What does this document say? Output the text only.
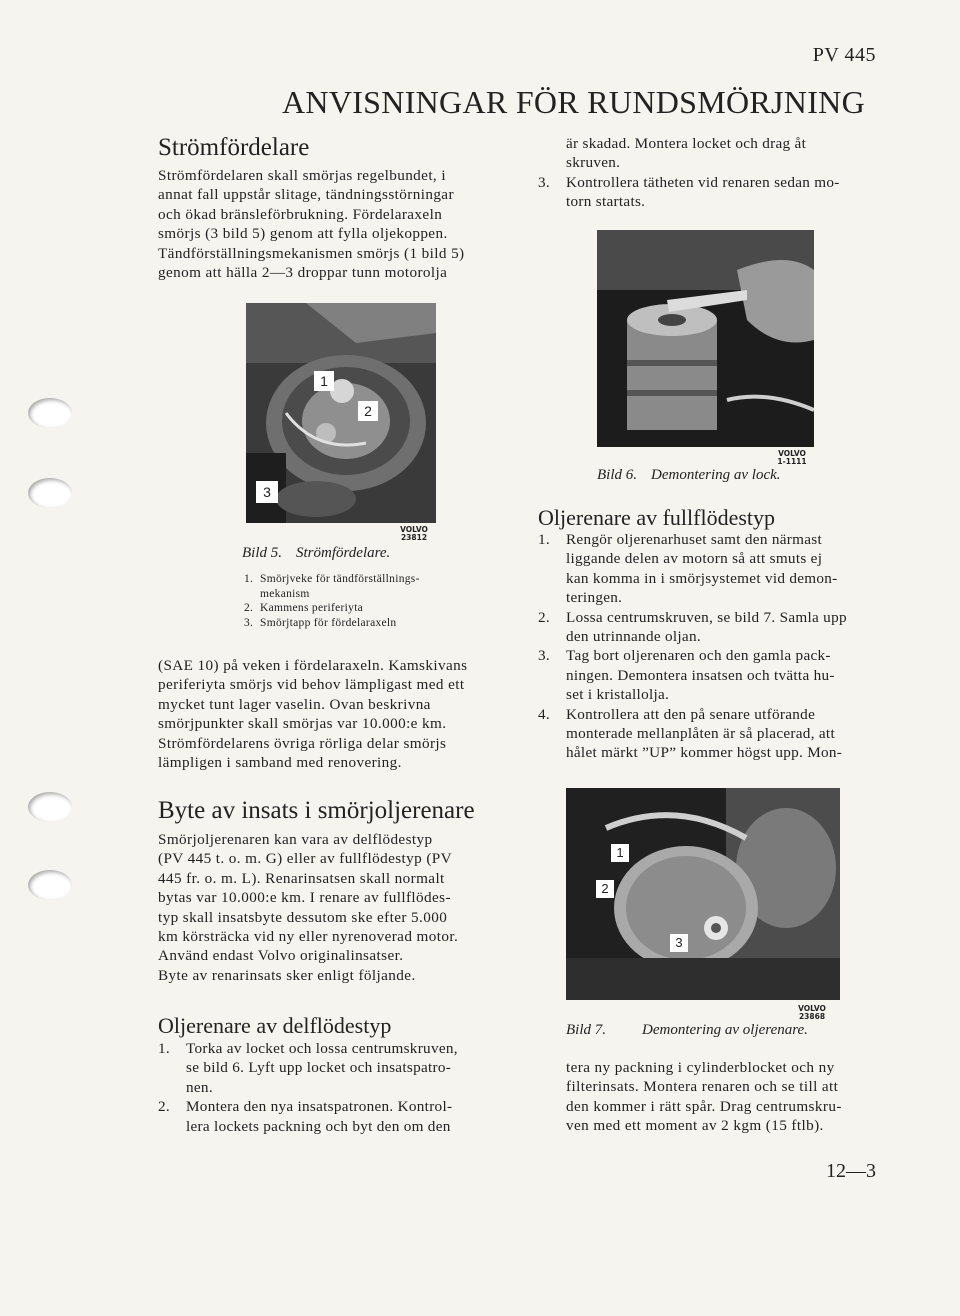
PV 445
ANVISNINGAR FÖR RUNDSMÖRJNING
Strömfördelare

Strömfördelaren skall smörjas regelbundet, i

annat fall uppstår slitage, tändningsstörningar

och ökad bränsleförbrukning. Fördelaraxeln

smörjs (3 bild 5) genom att fylla oljekoppen.

Tändförställningsmekanismen smörjs (1 bild 5)

genom att hälla 2—3 droppar tunn motorolja

1
2
3
VOLVO
23812
Bild 5. Strömfördelare.
1. Smörjveke för tändförställnings-
mekanism
2. Kammens periferiyta
3. Smörjtapp för fördelaraxeln

(SAE 10) på veken i fördelaraxeln. Kamskivans

periferiyta smörjs vid behov lämpligast med ett

mycket tunt lager vaselin. Ovan beskrivna

smörjpunkter skall smörjas var 10.000:e km.

Strömfördelarens övriga rörliga delar smörjs

lämpligen i samband med renovering.

Byte av insats i smörjoljerenare

Smörjoljerenaren kan vara av delflödestyp

(PV 445 t. o. m. G) eller av fullflödestyp (PV

445 fr. o. m. L). Renarinsatsen skall normalt

bytas var 10.000:e km. I renare av fullflödes-

typ skall insatsbyte dessutom ske efter 5.000

km körsträcka vid ny eller nyrenoverad motor.

Använd endast Volvo originalinsatser.

Byte av renarinsats sker enligt följande.

Oljerenare av delflödestyp
1. Torka av locket och lossa centrumskruven,
se bild 6. Lyft upp locket och insatspatro-
nen.
2. Montera den nya insatspatronen. Kontrol-
lera lockets packning och byt den om den
är skadad. Montera locket och drag åt
skruven.
3. Kontrollera tätheten vid renaren sedan mo-
torn startats.
VOLVO
1-1111
Bild 6. Demontering av lock.
Oljerenare av fullflödestyp
1. Rengör oljerenarhuset samt den närmast
liggande delen av motorn så att smuts ej
kan komma in i smörjsystemet vid demon-
teringen.
2. Lossa centrumskruven, se bild 7. Samla upp
den utrinnande oljan.
3. Tag bort oljerenaren och den gamla pack-
ningen. Demontera insatsen och tvätta hu-
set i kristallolja.
4. Kontrollera att den på senare utförande
monterade mellanplåten är så placerad, att
hålet märkt ”UP” kommer högst upp. Mon-
1
2
3
VOLVO
23868
Bild 7. Demontering av oljerenare.

tera ny packning i cylinderblocket och ny

filterinsats. Montera renaren och se till att

den kommer i rätt spår. Drag centrumskru-

ven med ett moment av 2 kgm (15 ftlb).

12—3
